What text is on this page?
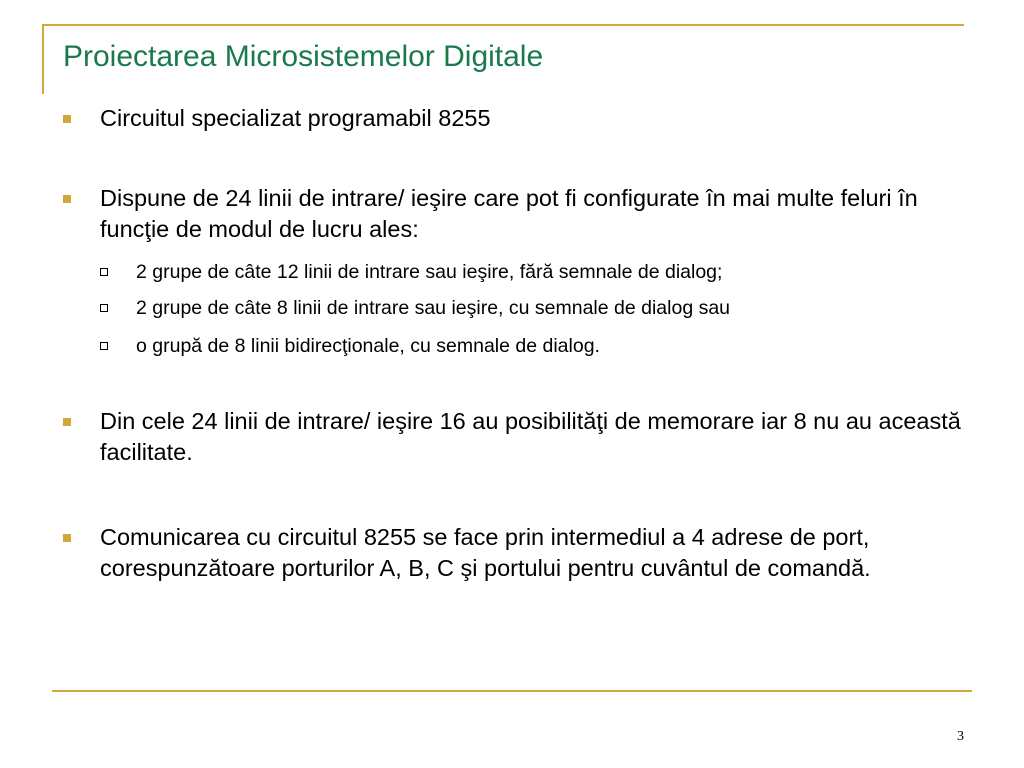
Proiectarea Microsistemelor Digitale
Circuitul specializat programabil 8255
Dispune de 24 linii de intrare/ ieşire care pot fi configurate în mai multe feluri în funcţie de modul de lucru ales:
2 grupe de câte 12 linii de intrare sau ieşire, fără semnale de dialog;
2 grupe de câte 8 linii de intrare sau ieşire, cu semnale de dialog sau
o grupă de 8 linii bidirecţionale, cu semnale de dialog.
Din cele 24 linii de intrare/ ieşire 16 au posibilităţi de memorare iar 8 nu au această facilitate.
Comunicarea cu circuitul 8255 se face prin intermediul a 4 adrese de port, corespunzătoare porturilor A, B, C şi portului pentru cuvântul de comandă.
3
